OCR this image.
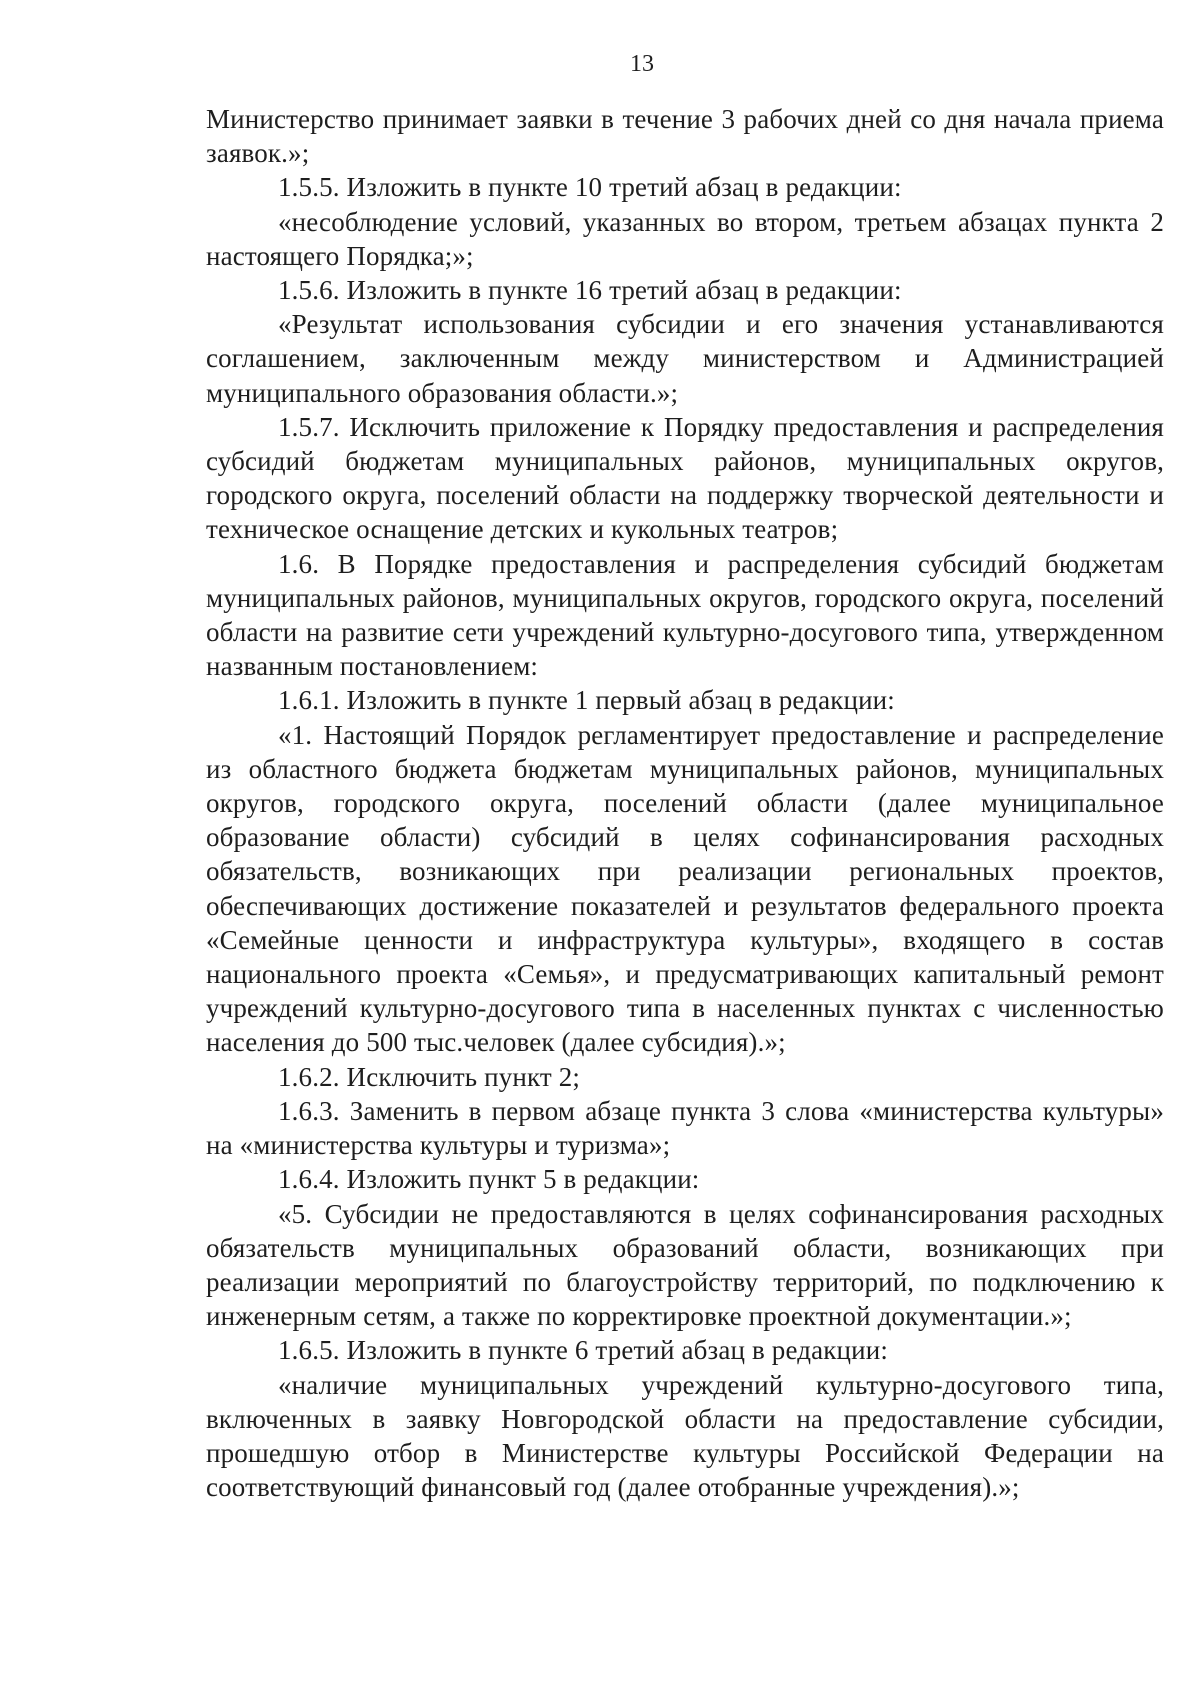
13

Министерство принимает заявки в течение 3 рабочих дней со дня начала приема заявок.»;

1.5.5. Изложить в пункте 10 третий абзац в редакции:

«несоблюдение условий, указанных во втором, третьем абзацах пункта 2 настоящего Порядка;»;

1.5.6. Изложить в пункте 16 третий абзац в редакции:

«Результат использования субсидии и его значения устанавливаются соглашением, заключенным между министерством и Администрацией муниципального образования области.»;

1.5.7. Исключить приложение к Порядку предоставления и распределения субсидий бюджетам муниципальных районов, муниципальных округов, городского округа, поселений области на поддержку творческой деятельности и техническое оснащение детских и кукольных театров;

1.6. В Порядке предоставления и распределения субсидий бюджетам муниципальных районов, муниципальных округов, городского округа, поселений области на развитие сети учреждений культурно-досугового типа, утвержденном названным постановлением:

1.6.1. Изложить в пункте 1 первый абзац в редакции:

«1. Настоящий Порядок регламентирует предоставление и распределение из областного бюджета бюджетам муниципальных районов, муниципальных округов, городского округа, поселений области (далее муниципальное образование области) субсидий в целях софинансирования расходных обязательств, возникающих при реализации региональных проектов, обеспечивающих достижение показателей и результатов федерального проекта «Семейные ценности и инфраструктура культуры», входящего в состав национального проекта «Семья», и предусматривающих капитальный ремонт учреждений культурно-досугового типа в населенных пунктах с численностью населения до 500 тыс.человек (далее субсидия).»;

1.6.2. Исключить пункт 2;

1.6.3. Заменить в первом абзаце пункта 3 слова «министерства культуры» на «министерства культуры и туризма»;

1.6.4. Изложить пункт 5 в редакции:

«5. Субсидии не предоставляются в целях софинансирования расходных обязательств муниципальных образований области, возникающих при реализации мероприятий по благоустройству территорий, по подключению к инженерным сетям, а также по корректировке проектной документации.»;

1.6.5. Изложить в пункте 6 третий абзац в редакции:

«наличие муниципальных учреждений культурно-досугового типа, включенных в заявку Новгородской области на предоставление субсидии, прошедшую отбор в Министерстве культуры Российской Федерации на соответствующий финансовый год (далее отобранные учреждения).»;
